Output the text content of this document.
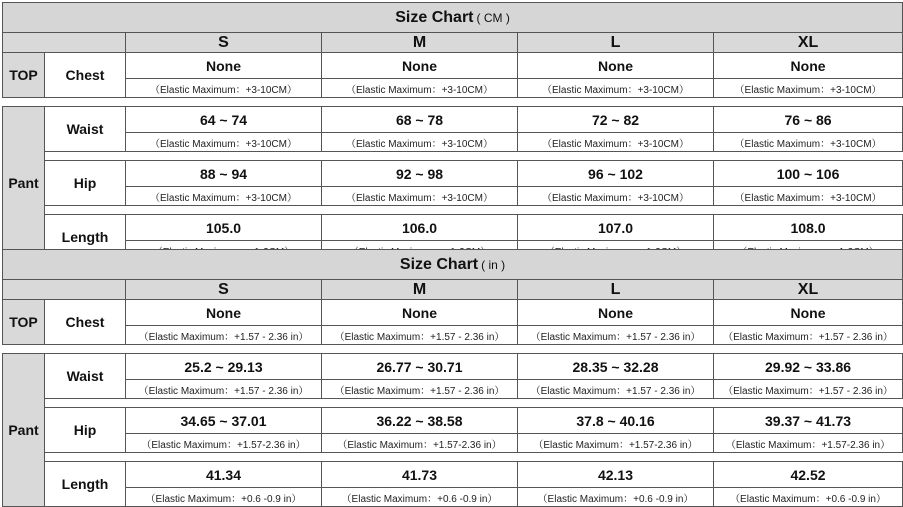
Size Chart ( CM )					
		S	M	L	XL
TOP	Chest	None	None	None	None
		（Elastic Maximum：+3-10CM）	（Elastic Maximum：+3-10CM）	（Elastic Maximum：+3-10CM）	（Elastic Maximum：+3-10CM）

Pant	Waist	64 ~ 74	68 ~ 78	72 ~ 82	76 ~ 86
		（Elastic Maximum：+3-10CM）	（Elastic Maximum：+3-10CM）	（Elastic Maximum：+3-10CM）	（Elastic Maximum：+3-10CM）

	Hip	88 ~ 94	92 ~ 98	96 ~ 102	100 ~ 106
		（Elastic Maximum：+3-10CM）	（Elastic Maximum：+3-10CM）	（Elastic Maximum：+3-10CM）	（Elastic Maximum：+3-10CM）

	Length	105.0	106.0	107.0	108.0

Size Chart ( in )					
		S	M	L	XL
TOP	Chest	None	None	None	None
		（Elastic Maximum：+1.57 - 2.36 in）	（Elastic Maximum：+1.57 - 2.36 in）	（Elastic Maximum：+1.57 - 2.36 in）	（Elastic Maximum：+1.57 - 2.36 in）

Pant	Waist	25.2 ~ 29.13	26.77 ~ 30.71	28.35 ~ 32.28	29.92 ~ 33.86
		（Elastic Maximum：+1.57 - 2.36 in）	（Elastic Maximum：+1.57 - 2.36 in）	（Elastic Maximum：+1.57 - 2.36 in）	（Elastic Maximum：+1.57 - 2.36 in）

	Hip	34.65 ~ 37.01	36.22 ~ 38.58	37.8 ~ 40.16	39.37 ~ 41.73
		（Elastic Maximum：+1.57-2.36 in）	（Elastic Maximum：+1.57-2.36 in）	（Elastic Maximum：+1.57-2.36 in）	（Elastic Maximum：+1.57-2.36 in）

	Length	41.34	41.73	42.13	42.52
		（Elastic Maximum：+0.6 -0.9 in）	（Elastic Maximum：+0.6 -0.9 in）	（Elastic Maximum：+0.6 -0.9 in）	（Elastic Maximum：+0.6 -0.9 in）
